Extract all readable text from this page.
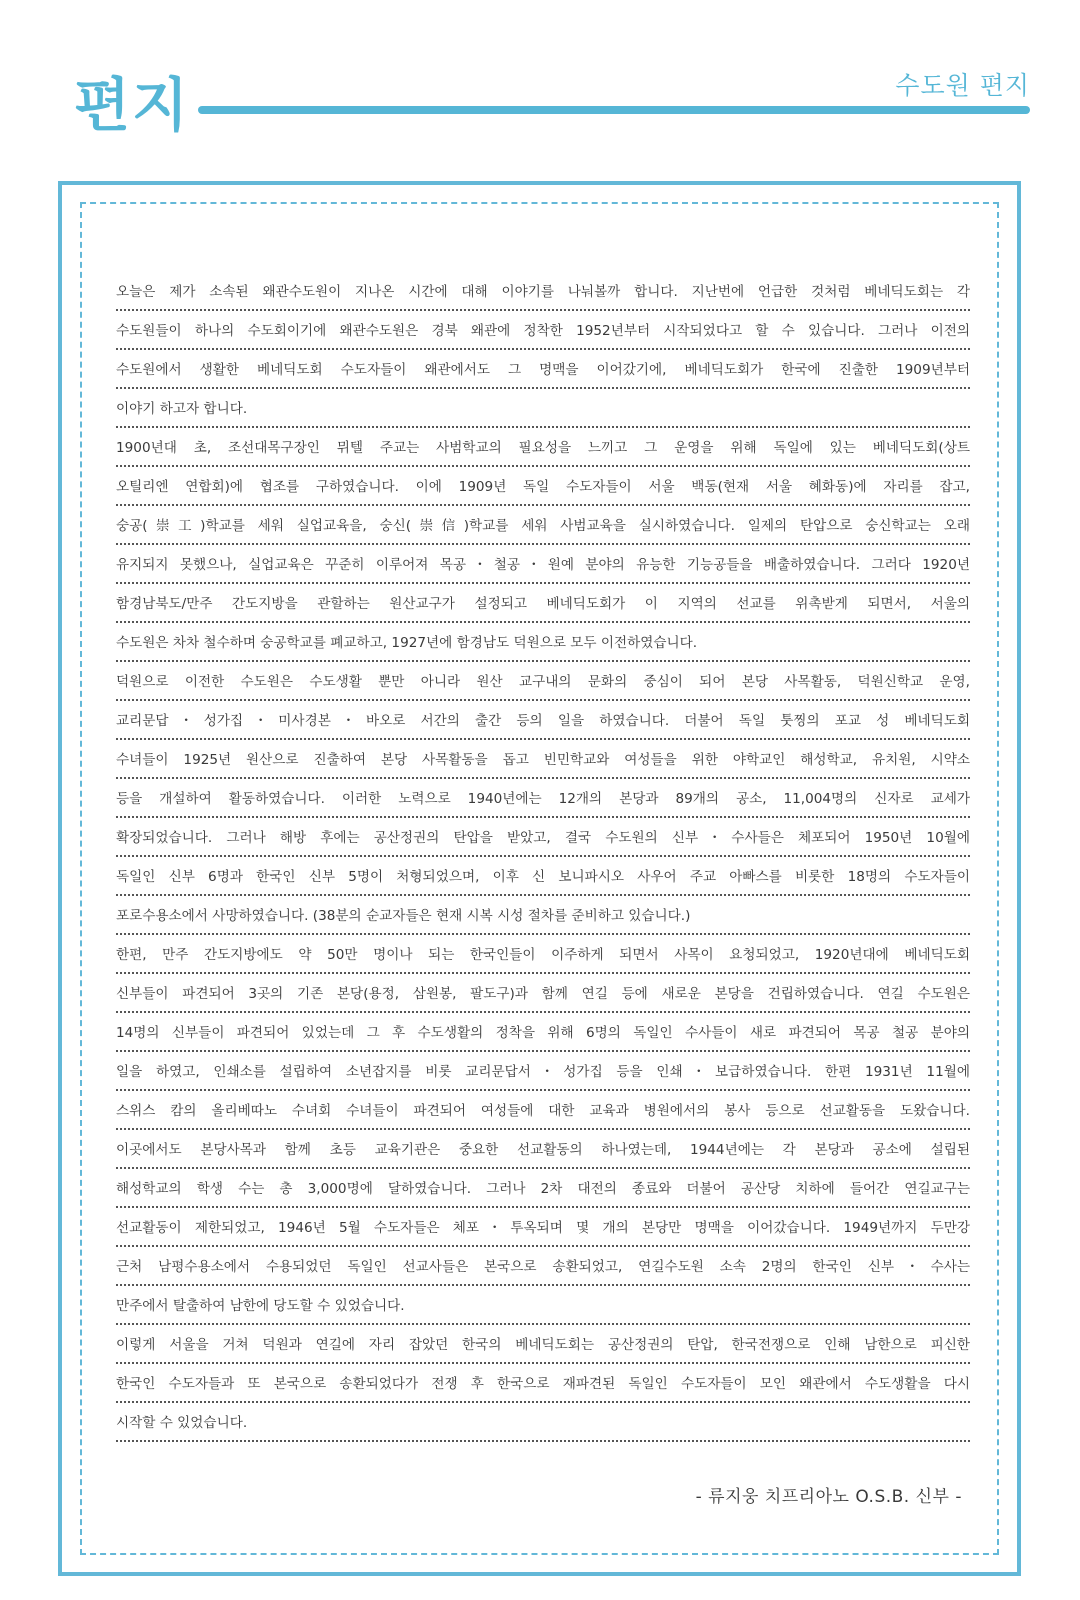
편지	수도원 편지
오늘은 제가 소속된 왜관수도원이 지나온 시간에 대해 이야기를 나눠볼까 합니다. 지난번에 언급한 것처럼 베네딕도회는 각
수도원들이 하나의 수도회이기에 왜관수도원은 경북 왜관에 정착한 1952년부터 시작되었다고 할 수 있습니다. 그러나 이전의
수도원에서 생활한 베네딕도회 수도자들이 왜관에서도 그 명맥을 이어갔기에, 베네딕도회가 한국에 진출한 1909년부터
이야기 하고자 합니다.
1900년대 초, 조선대목구장인 뮈텔 주교는 사범학교의 필요성을 느끼고 그 운영을 위해 독일에 있는 베네딕도회(상트
오틸리엔 연합회)에 협조를 구하였습니다. 이에 1909년 독일 수도자들이 서울 백동(현재 서울 혜화동)에 자리를 잡고,
숭공(崇工)학교를 세워 실업교육을, 숭신(崇信)학교를 세워 사범교육을 실시하였습니다. 일제의 탄압으로 숭신학교는 오래
유지되지 못했으나, 실업교육은 꾸준히 이루어져 목공・철공・원예 분야의 유능한 기능공들을 배출하였습니다. 그러다 1920년
함경남북도/만주 간도지방을 관할하는 원산교구가 설정되고 베네딕도회가 이 지역의 선교를 위촉받게 되면서, 서울의
수도원은 차차 철수하며 숭공학교를 폐교하고, 1927년에 함경남도 덕원으로 모두 이전하였습니다.
덕원으로 이전한 수도원은 수도생활 뿐만 아니라 원산 교구내의 문화의 중심이 되어 본당 사목활동, 덕원신학교 운영,
교리문답・성가집・미사경본・바오로 서간의 출간 등의 일을 하였습니다. 더불어 독일 툿찡의 포교 성 베네딕도회
수녀들이 1925년 원산으로 진출하여 본당 사목활동을 돕고 빈민학교와 여성들을 위한 야학교인 해성학교, 유치원, 시약소
등을 개설하여 활동하였습니다. 이러한 노력으로 1940년에는 12개의 본당과 89개의 공소, 11,004명의 신자로 교세가
확장되었습니다. 그러나 해방 후에는 공산정권의 탄압을 받았고, 결국 수도원의 신부・수사들은 체포되어 1950년 10월에
독일인 신부 6명과 한국인 신부 5명이 처형되었으며, 이후 신 보니파시오 사우어 주교 아빠스를 비롯한 18명의 수도자들이
포로수용소에서 사망하였습니다. (38분의 순교자들은 현재 시복 시성 절차를 준비하고 있습니다.)
한편, 만주 간도지방에도 약 50만 명이나 되는 한국인들이 이주하게 되면서 사목이 요청되었고, 1920년대에 베네딕도회
신부들이 파견되어 3곳의 기존 본당(용정, 삼원봉, 팔도구)과 함께 연길 등에 새로운 본당을 건립하였습니다. 연길 수도원은
14명의 신부들이 파견되어 있었는데 그 후 수도생활의 정착을 위해 6명의 독일인 수사들이 새로 파견되어 목공 철공 분야의
일을 하였고, 인쇄소를 설립하여 소년잡지를 비롯 교리문답서・성가집 등을 인쇄・보급하였습니다. 한편 1931년 11월에
스위스 캄의 올리베따노 수녀회 수녀들이 파견되어 여성들에 대한 교육과 병원에서의 봉사 등으로 선교활동을 도왔습니다.
이곳에서도 본당사목과 함께 초등 교육기관은 중요한 선교활동의 하나였는데, 1944년에는 각 본당과 공소에 설립된
해성학교의 학생 수는 총 3,000명에 달하였습니다. 그러나 2차 대전의 종료와 더불어 공산당 치하에 들어간 연길교구는
선교활동이 제한되었고, 1946년 5월 수도자들은 체포・투옥되며 몇 개의 본당만 명맥을 이어갔습니다. 1949년까지 두만강
근처 남평수용소에서 수용되었던 독일인 선교사들은 본국으로 송환되었고, 연길수도원 소속 2명의 한국인 신부・수사는
만주에서 탈출하여 남한에 당도할 수 있었습니다.
이렇게 서울을 거쳐 덕원과 연길에 자리 잡았던 한국의 베네딕도회는 공산정권의 탄압, 한국전쟁으로 인해 남한으로 피신한
한국인 수도자들과 또 본국으로 송환되었다가 전쟁 후 한국으로 재파견된 독일인 수도자들이 모인 왜관에서 수도생활을 다시
시작할 수 있었습니다.
- 류지웅 치프리아노 O.S.B. 신부 -
